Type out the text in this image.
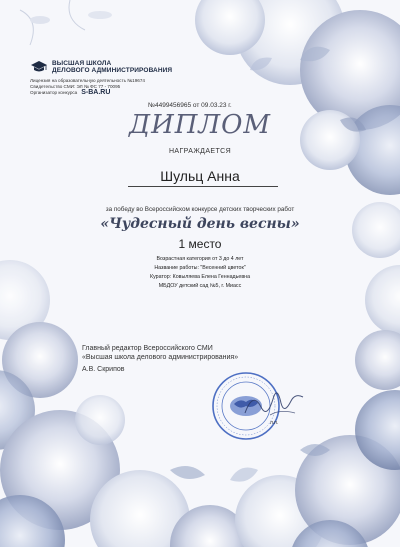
ВЫСШАЯ ШКОЛА
ДЕЛОВОГО АДМИНИСТРИРОВАНИЯ
Лицензия на образовательную деятельность №19674
Свидетельство СМИ: ЭЛ № ФС 77 - 70095
Организатор конкурса S-BA.RU
№4499456965 от 09.03.23 г.
ДИПЛОМ
НАГРАЖДАЕТСЯ
Шульц Анна
за победу во Всероссийском конкурсе детских творческих работ
«Чудесный день весны»
1 место
Возрастная категория от 3 до 4 лет
Название работы: "Весенний цветок"
Куратор: Ковыляева Елена Геннадьевна
МБДОУ детский сад №5, г. Миасс
Главный редактор Всероссийского СМИ
«Высшая школа делового администрирования»
А.В. Скрипов
л.п.
